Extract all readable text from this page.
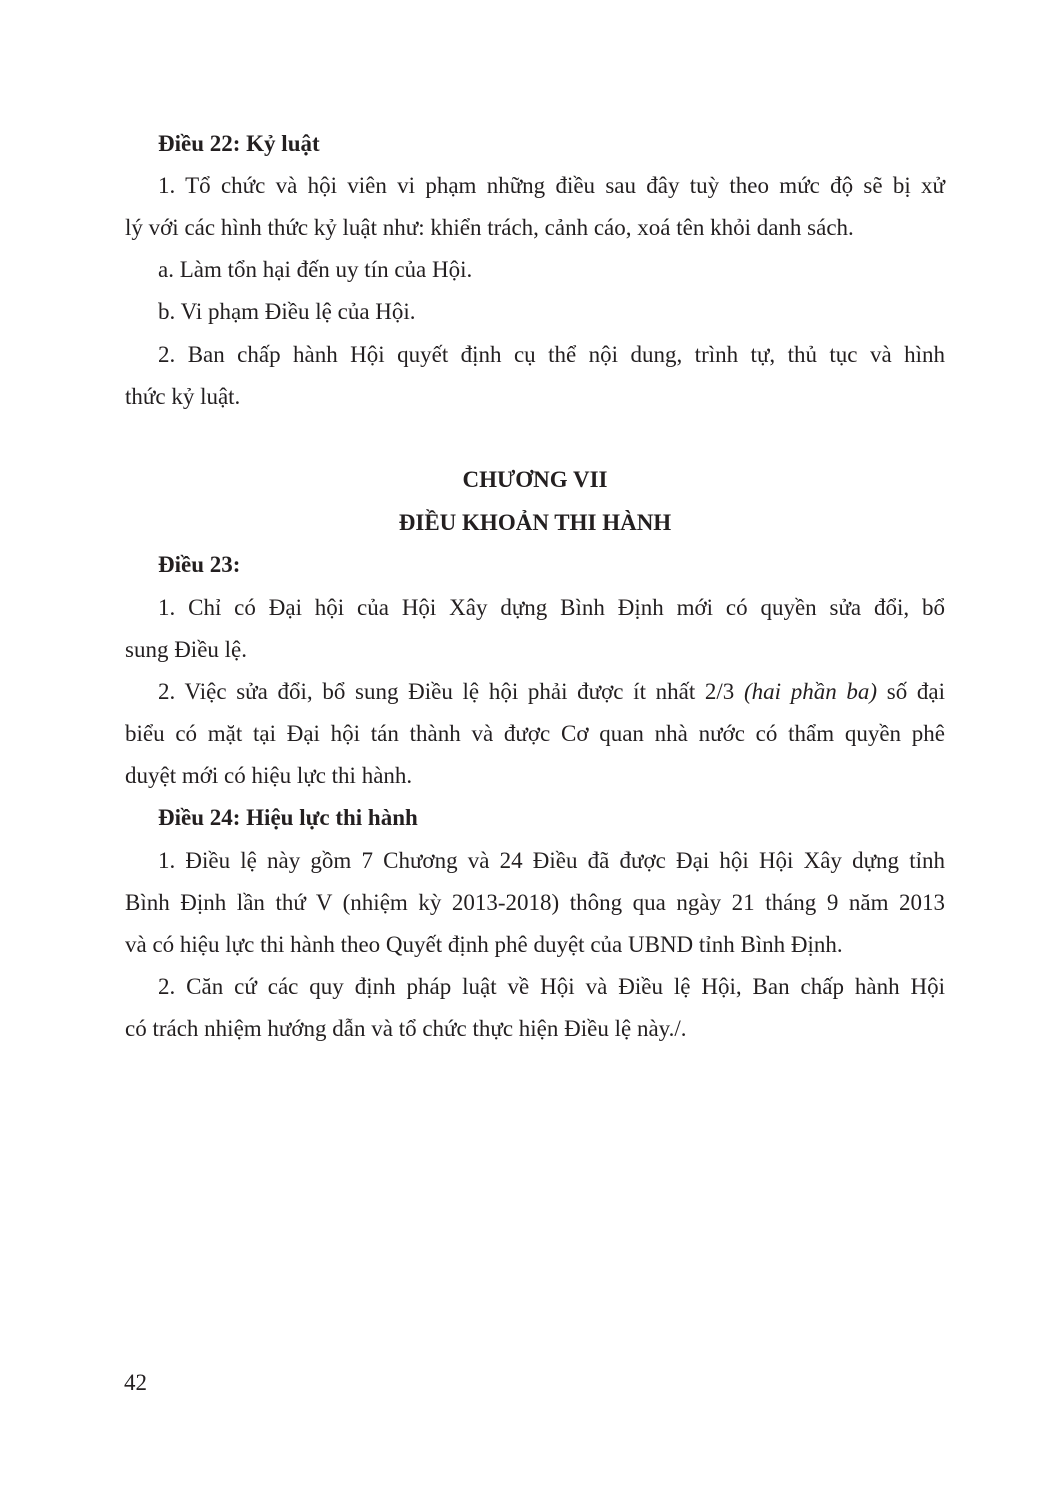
Điều 22: Kỷ luật

1. Tổ chức và hội viên vi phạm những điều sau đây tuỳ theo mức độ sẽ bị xử

lý với các hình thức kỷ luật như: khiển trách, cảnh cáo, xoá tên khỏi danh sách.

a. Làm tổn hại đến uy tín của Hội.

b. Vi phạm Điều lệ của Hội.

2. Ban chấp hành Hội quyết định cụ thể nội dung, trình tự, thủ tục và hình

thức kỷ luật.

CHƯƠNG VII
ĐIỀU KHOẢN THI HÀNH
Điều 23:

1. Chỉ có Đại hội của Hội Xây dựng Bình Định mới có quyền sửa đổi, bổ

sung Điều lệ.

2. Việc sửa đổi, bổ sung Điều lệ hội phải được ít nhất 2/3 (hai phần ba) số đại

biểu có mặt tại Đại hội tán thành và được Cơ quan nhà nước có thẩm quyền phê

duyệt mới có hiệu lực thi hành.

Điều 24: Hiệu lực thi hành

1. Điều lệ này gồm 7 Chương và 24 Điều đã được Đại hội Hội Xây dựng tỉnh

Bình Định lần thứ V (nhiệm kỳ 2013-2018) thông qua ngày 21 tháng 9 năm 2013

và có hiệu lực thi hành theo Quyết định phê duyệt của UBND tỉnh Bình Định.

2. Căn cứ các quy định pháp luật về Hội và Điều lệ Hội, Ban chấp hành Hội

có trách nhiệm hướng dẫn và tổ chức thực hiện Điều lệ này./.

42
